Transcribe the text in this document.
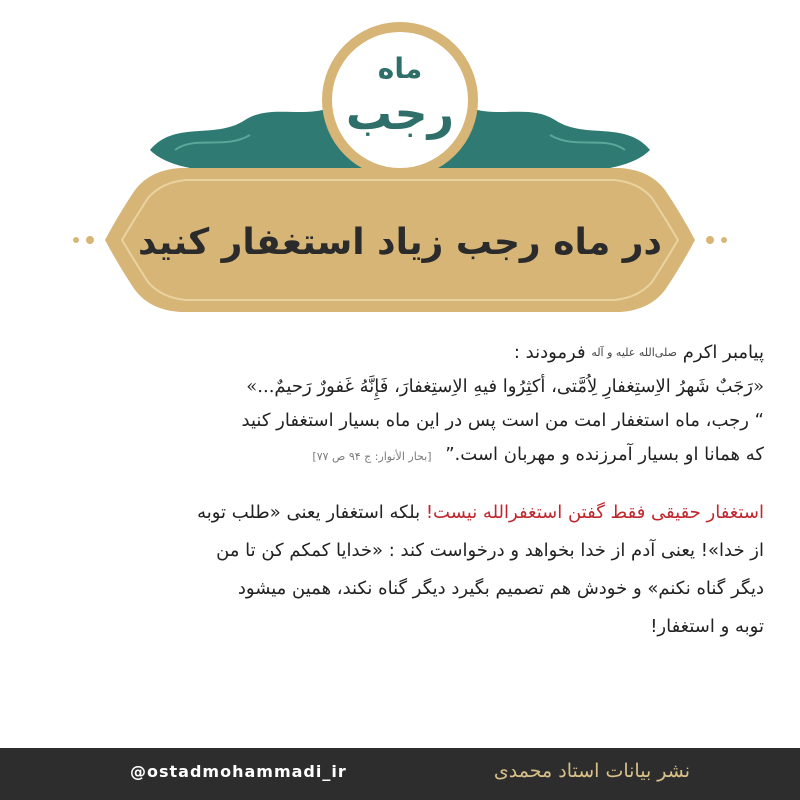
ماه
رجب
در ماه رجب زیاد استغفار کنید
پیامبر اکرم $^{صلی‌الله علیه و آله}$ فرمودند :
«رَجَبٌ شَهرُ الاِستِغفارِ لِاُمَّتی، أکثِرُوا فیهِ الاِستِغفارَ، فَإِنَّهُ غَفورٌ رَحیمٌ...»
“ رجب، ماه استغفار امت من است پس در این ماه بسیار استغفار کنید
که همانا او بسیار آمرزنده و مهربان است.” [بحار الأنوار: ج ۹۴ ص ۷۷]
استغفار حقیقی فقط گفتن استغفرالله نیست! بلکه استغفار یعنی «طلب توبه
از خدا»! یعنی آدم از خدا بخواهد و درخواست کند : «خدایا کمکم کن تا من
دیگر گناه نکنم» و خودش هم تصمیم بگیرد دیگر گناه نکند، همین میشود
توبه و استغفار!
@ostadmohammadi_ir	نشر بیانات استاد محمدی
